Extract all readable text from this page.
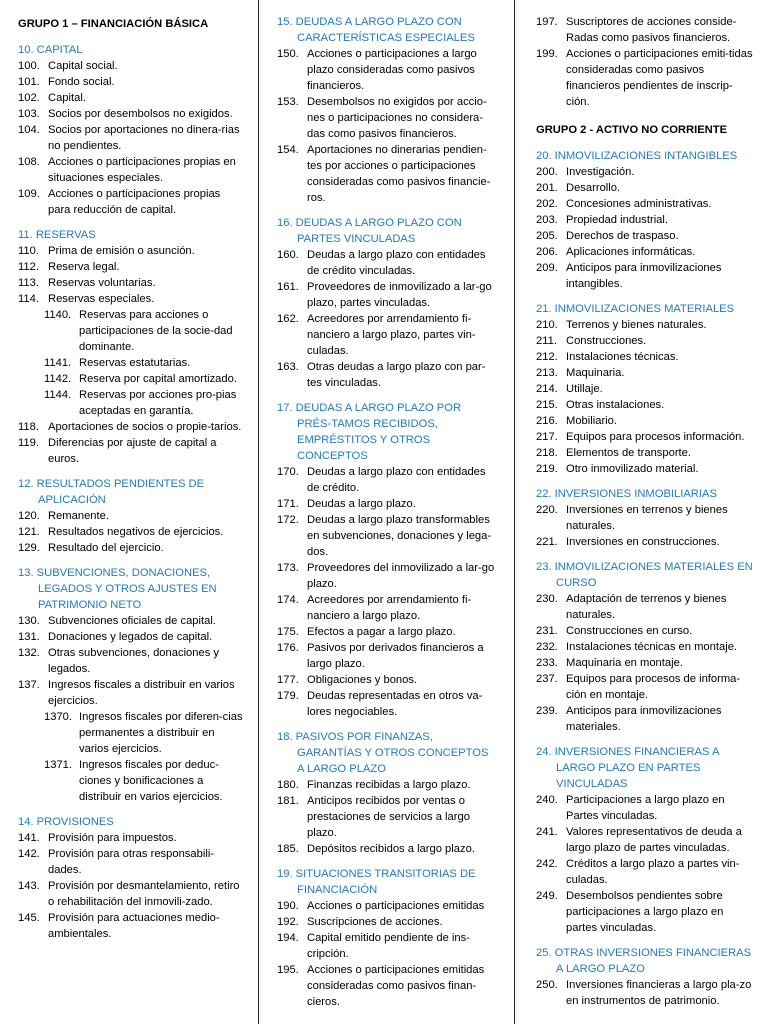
GRUPO 1 – FINANCIACIÓN BÁSICA
10. CAPITAL
100. Capital social.
101. Fondo social.
102. Capital.
103. Socios por desembolsos no exigidos.
104. Socios por aportaciones no dinera-rias no pendientes.
108. Acciones o participaciones propias en situaciones especiales.
109. Acciones o participaciones propias para reducción de capital.
11. RESERVAS
110. Prima de emisión o asunción.
112. Reserva legal.
113. Reservas voluntarias.
114. Reservas especiales.
1140. Reservas para acciones o participaciones de la socie-dad dominante.
1141. Reservas estatutarias.
1142. Reserva por capital amortizado.
1144. Reservas por acciones pro-pias aceptadas en garantía.
118. Aportaciones de socios o propie-tarios.
119. Diferencias por ajuste de capital a euros.
12. RESULTADOS PENDIENTES DE APLICACIÓN
120. Remanente.
121. Resultados negativos de ejercicios.
129. Resultado del ejercicio.
13. SUBVENCIONES, DONACIONES, LEGADOS Y OTROS AJUSTES EN PATRIMONIO NETO
130. Subvenciones oficiales de capital.
131. Donaciones y legados de capital.
132. Otras subvenciones, donaciones y legados.
137. Ingresos fiscales a distribuir en varios ejercicios.
1370. Ingresos fiscales por diferen-cias permanentes a distribuir en varios ejercicios.
1371. Ingresos fiscales por deduc-ciones y bonificaciones a distribuir en varios ejercicios.
14. PROVISIONES
141. Provisión para impuestos.
142. Provisión para otras responsabili-dades.
143. Provisión por desmantelamiento, retiro o rehabilitación del inmovili-zado.
145. Provisión para actuaciones medio-ambientales.
15. DEUDAS A LARGO PLAZO CON CARACTERÍSTICAS ESPECIALES
150. Acciones o participaciones a largo plazo consideradas como pasivos financieros.
153. Desembolsos no exigidos por accio-nes o participaciones no considera-das como pasivos financieros.
154. Aportaciones no dinerarias pendien-tes por acciones o participaciones consideradas como pasivos financie-ros.
16. DEUDAS A LARGO PLAZO CON PARTES VINCULADAS
160. Deudas a largo plazo con entidades de crédito vinculadas.
161. Proveedores de inmovilizado a lar-go plazo, partes vinculadas.
162. Acreedores por arrendamiento fi-nanciero a largo plazo, partes vin-culadas.
163. Otras deudas a largo plazo con par-tes vinculadas.
17. DEUDAS A LARGO PLAZO POR PRÉS-TAMOS RECIBIDOS, EMPRÉSTITOS Y OTROS CONCEPTOS
170. Deudas a largo plazo con entidades de crédito.
171. Deudas a largo plazo.
172. Deudas a largo plazo transformables en subvenciones, donaciones y lega-dos.
173. Proveedores del inmovilizado a lar-go plazo.
174. Acreedores por arrendamiento fi-nanciero a largo plazo.
175. Efectos a pagar a largo plazo.
176. Pasivos por derivados financieros a largo plazo.
177. Obligaciones y bonos.
179. Deudas representadas en otros va-lores negociables.
18. PASIVOS POR FINANZAS, GARANTÍAS Y OTROS CONCEPTOS A LARGO PLAZO
180. Finanzas recibidas a largo plazo.
181. Anticipos recibidos por ventas o prestaciones de servicios a largo plazo.
185. Depósitos recibidos a largo plazo.
19. SITUACIONES TRANSITORIAS DE FINANCIACIÓN
190. Acciones o participaciones emitidas
192. Suscripciones de acciones.
194. Capital emitido pendiente de ins-cripción.
195. Acciones o participaciones emitidas consideradas como pasivos finan-cieros.
197. Suscriptores de acciones conside-Radas como pasivos financieros.
199. Acciones o participaciones emiti-tidas consideradas como pasivos financieros pendientes de inscrip-ción.
GRUPO 2 - ACTIVO NO CORRIENTE
20. INMOVILIZACIONES INTANGIBLES
200. Investigación.
201. Desarrollo.
202. Concesiones administrativas.
203. Propiedad industrial.
205. Derechos de traspaso.
206. Aplicaciones informáticas.
209. Anticipos para inmovilizaciones intangibles.
21. INMOVILIZACIONES MATERIALES
210. Terrenos y bienes naturales.
211. Construcciones.
212. Instalaciones técnicas.
213. Maquinaria.
214. Utillaje.
215. Otras instalaciones.
216. Mobiliario.
217. Equipos para procesos información.
218. Elementos de transporte.
219. Otro inmovilizado material.
22. INVERSIONES INMOBILIARIAS
220. Inversiones en terrenos y bienes naturales.
221. Inversiones en construcciones.
23. INMOVILIZACIONES MATERIALES EN CURSO
230. Adaptación de terrenos y bienes naturales.
231. Construcciones en curso.
232. Instalaciones técnicas en montaje.
233. Maquinaria en montaje.
237. Equipos para procesos de informa-ción en montaje.
239. Anticipos para inmovilizaciones materiales.
24. INVERSIONES FINANCIERAS A LARGO PLAZO EN PARTES VINCULADAS
240. Participaciones a largo plazo en Partes vinculadas.
241. Valores representativos de deuda a largo plazo de partes vinculadas.
242. Créditos a largo plazo a partes vin-culadas.
249. Desembolsos pendientes sobre participaciones a largo plazo en partes vinculadas.
25. OTRAS INVERSIONES FINANCIERAS A LARGO PLAZO
250. Inversiones financieras a largo pla-zo en instrumentos de patrimonio.
